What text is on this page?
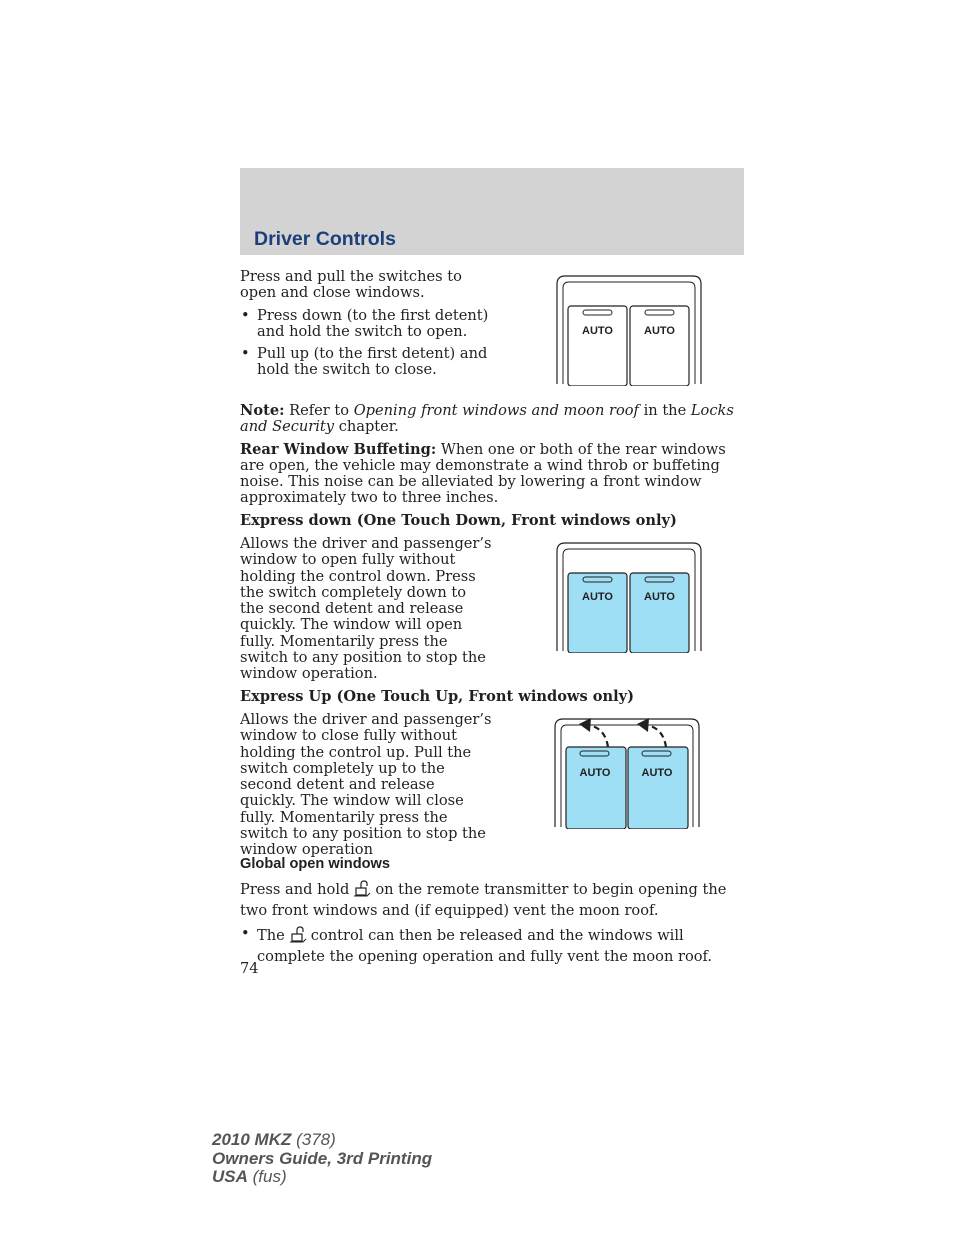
Driver Controls

Press and pull the switches to open and close windows.

• Press down (to the first detent) and hold the switch to open.

• Pull up (to the first detent) and hold the switch to close.

AUTO	AUTO

Note: Refer to Opening front windows and moon roof in the Locks and Security chapter.

Rear Window Buffeting: When one or both of the rear windows are open, the vehicle may demonstrate a wind throb or buffeting noise. This noise can be alleviated by lowering a front window approximately two to three inches.

Express down (One Touch Down, Front windows only)

Allows the driver and passenger’s window to open fully without holding the control down. Press the switch completely down to the second detent and release quickly. The window will open fully. Momentarily press the switch to any position to stop the window operation.
AUTO	AUTO
Express Up (One Touch Up, Front windows only)
Allows the driver and passenger’s window to close fully without holding the control up. Pull the switch completely up to the second detent and release quickly. The window will close fully. Momentarily press the switch to any position to stop the window operation
AUTO	AUTO
Global open windows

Press and hold on the remote transmitter to begin opening the two front windows and (if equipped) vent the moon roof.

• The control can then be released and the windows will complete the opening operation and fully vent the moon roof.

74
2010 MKZ (378)
Owners Guide, 3rd Printing
USA (fus)
